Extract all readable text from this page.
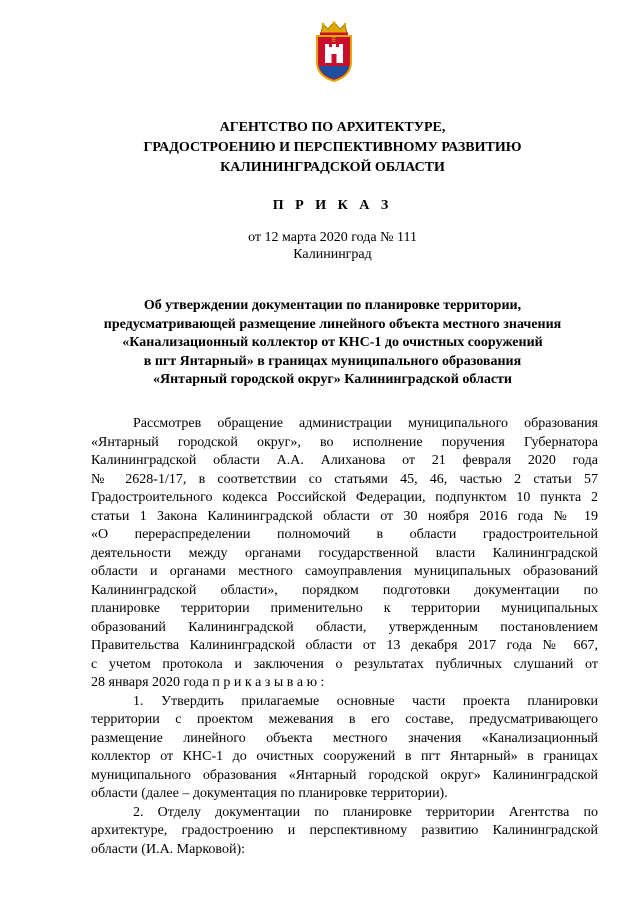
E
АГЕНТСТВО ПО АРХИТЕКТУРЕ,
ГРАДОСТРОЕНИЮ И ПЕРСПЕКТИВНОМУ РАЗВИТИЮ
КАЛИНИНГРАДСКОЙ ОБЛАСТИ
П Р И К А З
от 12 марта 2020 года № 111
Калининград
Об утверждении документации по планировке территории,
предусматривающей размещение линейного объекта местного значения
«Канализационный коллектор от КНС-1 до очистных сооружений
в пгт Янтарный» в границах муниципального образования
«Янтарный городской округ» Калининградской области
Рассмотрев обращение администрации муниципального образования
«Янтарный городской округ», во исполнение поручения Губернатора
Калининградской области А.А. Алиханова от 21 февраля 2020 года
№ 2628-1/17, в соответствии со статьями 45, 46, частью 2 статьи 57
Градостроительного кодекса Российской Федерации, подпунктом 10 пункта 2
статьи 1 Закона Калининградской области от 30 ноября 2016 года № 19
«О перераспределении полномочий в области градостроительной
деятельности между органами государственной власти Калининградской
области и органами местного самоуправления муниципальных образований
Калининградской области», порядком подготовки документации по
планировке территории применительно к территории муниципальных
образований Калининградской области, утвержденным постановлением
Правительства Калининградской области от 13 декабря 2017 года № 667,
с учетом протокола и заключения о результатах публичных слушаний от
28 января 2020 года п р и к а з ы в а ю :
1. Утвердить прилагаемые основные части проекта планировки
территории с проектом межевания в его составе, предусматривающего
размещение линейного объекта местного значения «Канализационный
коллектор от КНС-1 до очистных сооружений в пгт Янтарный» в границах
муниципального образования «Янтарный городской округ» Калининградской
области (далее – документация по планировке территории).
2. Отделу документации по планировке территории Агентства по
архитектуре, градостроению и перспективному развитию Калининградской
области (И.А. Марковой):
